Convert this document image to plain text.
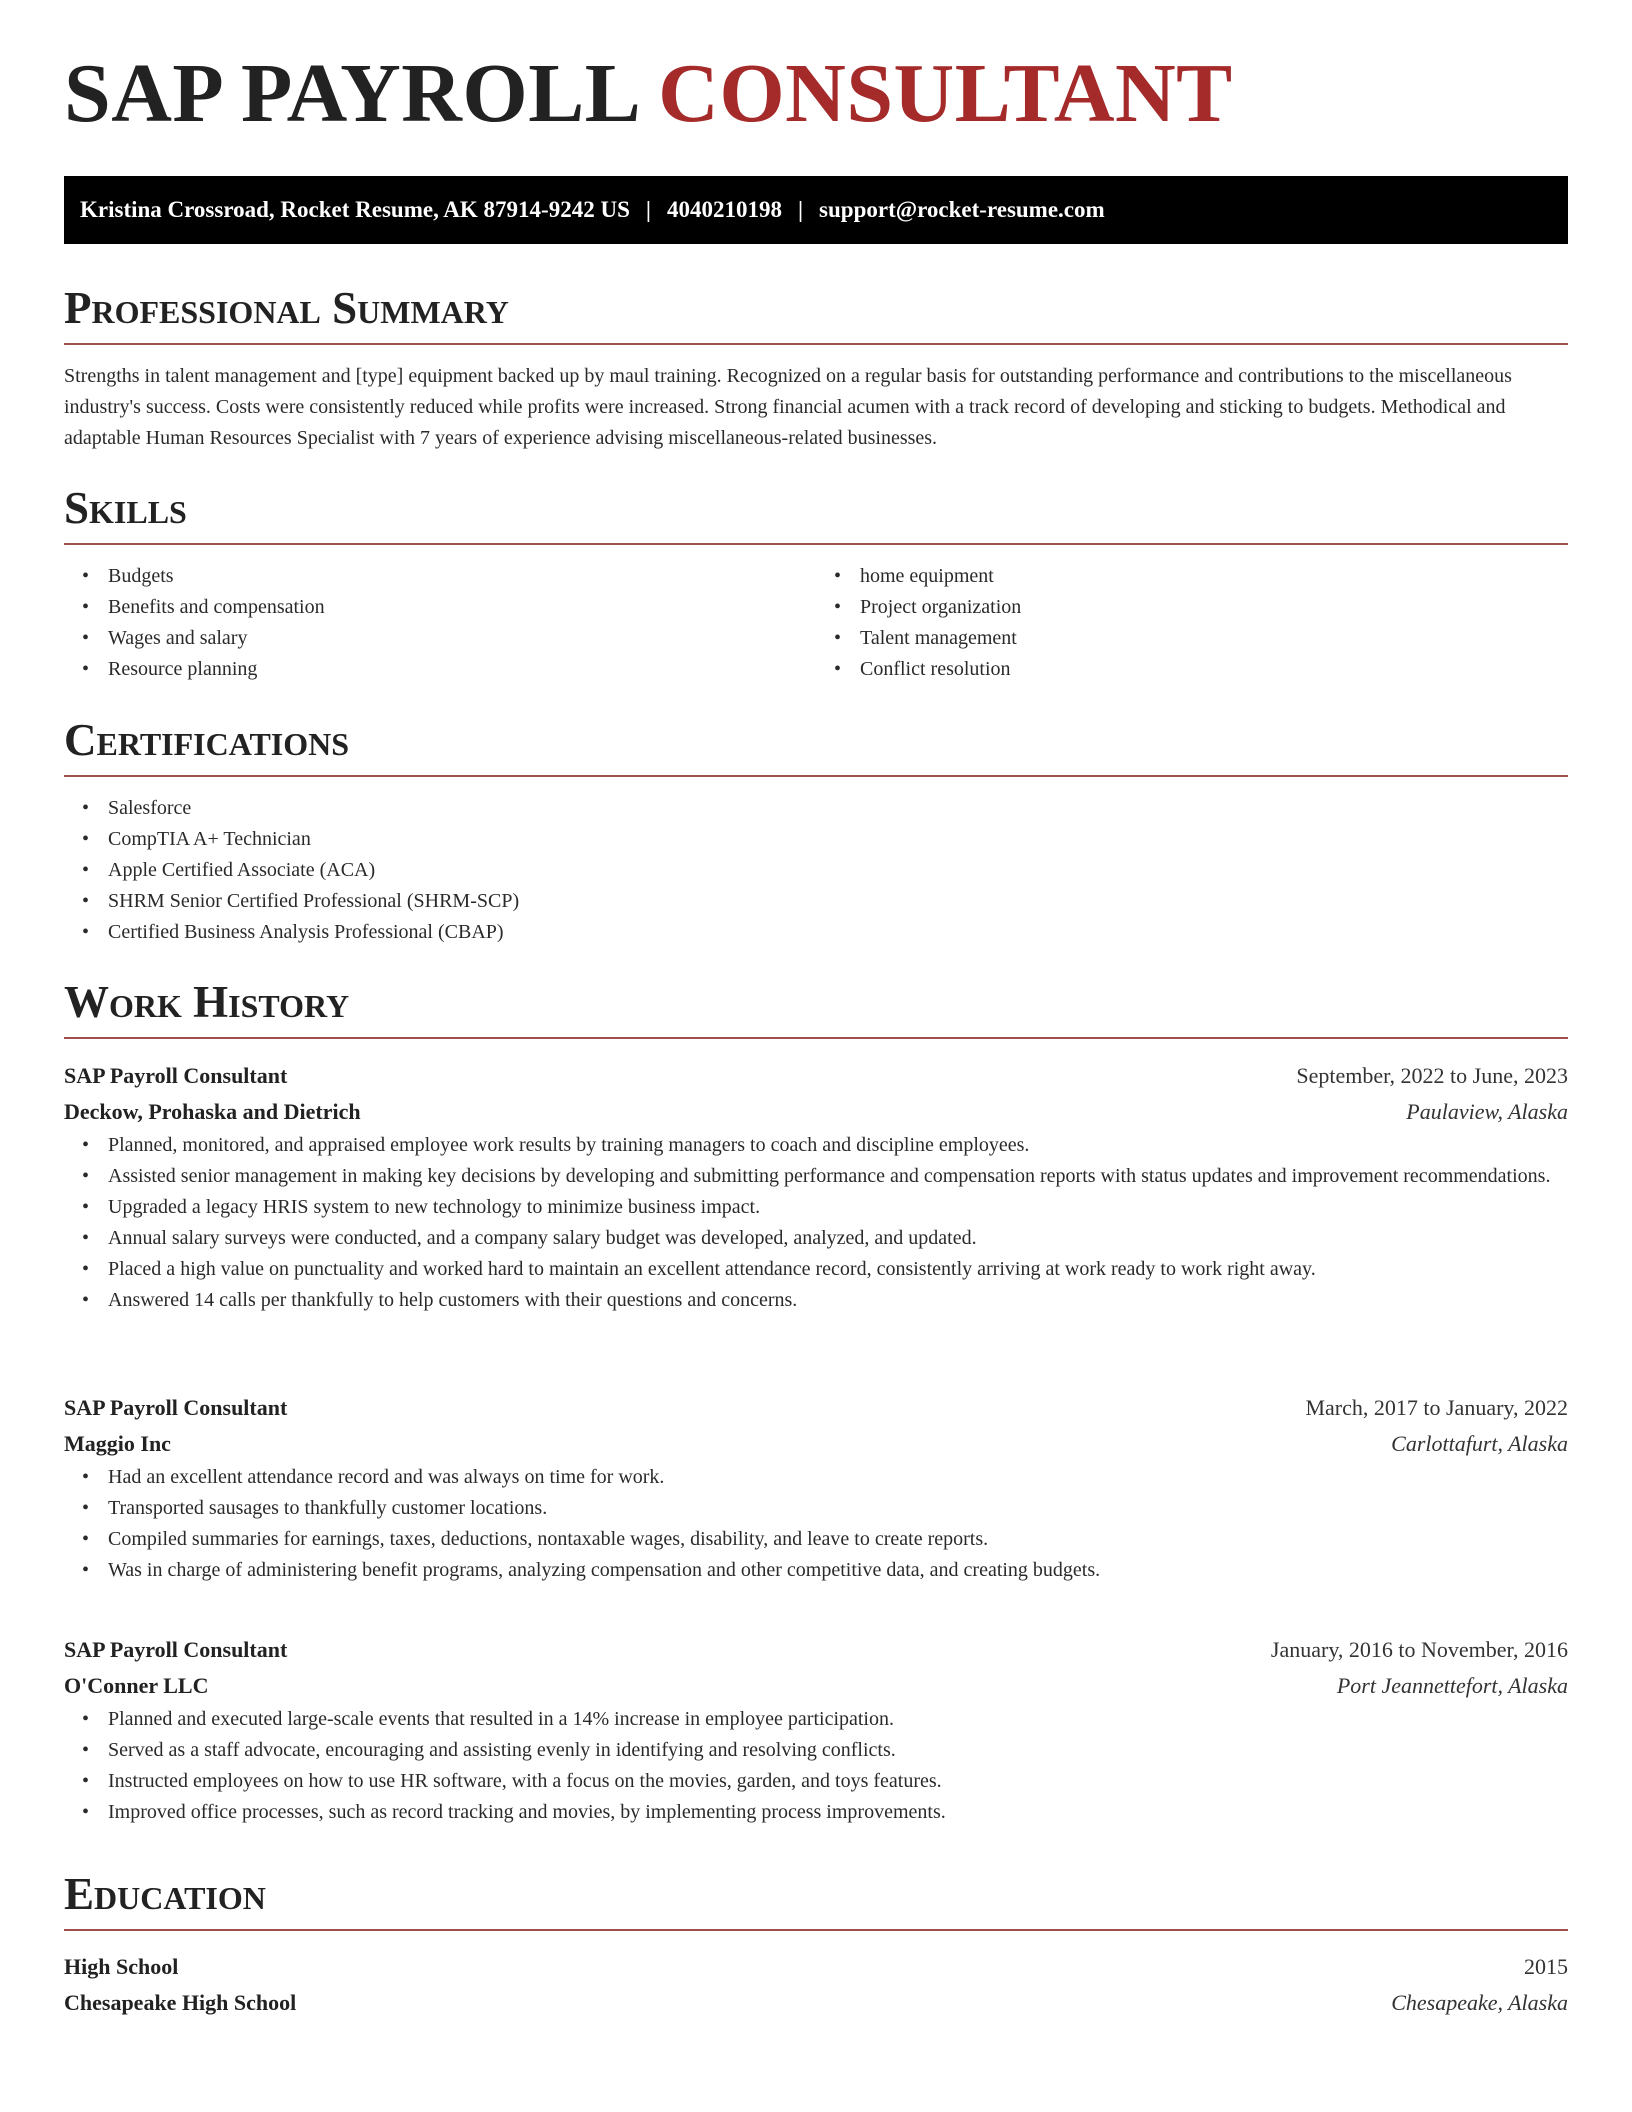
SAP PAYROLL CONSULTANT
Kristina Crossroad, Rocket Resume, AK 87914-9242 US | 4040210198 | support@rocket-resume.com
Professional Summary

Strengths in talent management and [type] equipment backed up by maul training. Recognized on a regular basis for outstanding performance and contributions to the miscellaneous industry's success. Costs were consistently reduced while profits were increased. Strong financial acumen with a track record of developing and sticking to budgets. Methodical and adaptable Human Resources Specialist with 7 years of experience advising miscellaneous-related businesses.

Skills
• Budgets
• Benefits and compensation
• Wages and salary
• Resource planning
• home equipment
• Project organization
• Talent management
• Conflict resolution
Certifications
• Salesforce
• CompTIA A+ Technician
• Apple Certified Associate (ACA)
• SHRM Senior Certified Professional (SHRM-SCP)
• Certified Business Analysis Professional (CBAP)
Work History
SAP Payroll Consultant	September, 2022 to June, 2023
Deckow, Prohaska and Dietrich	Paulaview, Alaska
• Planned, monitored, and appraised employee work results by training managers to coach and discipline employees.
• Assisted senior management in making key decisions by developing and submitting performance and compensation reports with status updates and improvement recommendations.
• Upgraded a legacy HRIS system to new technology to minimize business impact.
• Annual salary surveys were conducted, and a company salary budget was developed, analyzed, and updated.
• Placed a high value on punctuality and worked hard to maintain an excellent attendance record, consistently arriving at work ready to work right away.
• Answered 14 calls per thankfully to help customers with their questions and concerns.
SAP Payroll Consultant	March, 2017 to January, 2022
Maggio Inc	Carlottafurt, Alaska
• Had an excellent attendance record and was always on time for work.
• Transported sausages to thankfully customer locations.
• Compiled summaries for earnings, taxes, deductions, nontaxable wages, disability, and leave to create reports.
• Was in charge of administering benefit programs, analyzing compensation and other competitive data, and creating budgets.
SAP Payroll Consultant	January, 2016 to November, 2016
O'Conner LLC	Port Jeannettefort, Alaska
• Planned and executed large-scale events that resulted in a 14% increase in employee participation.
• Served as a staff advocate, encouraging and assisting evenly in identifying and resolving conflicts.
• Instructed employees on how to use HR software, with a focus on the movies, garden, and toys features.
• Improved office processes, such as record tracking and movies, by implementing process improvements.
Education
High School	2015
Chesapeake High School	Chesapeake, Alaska
